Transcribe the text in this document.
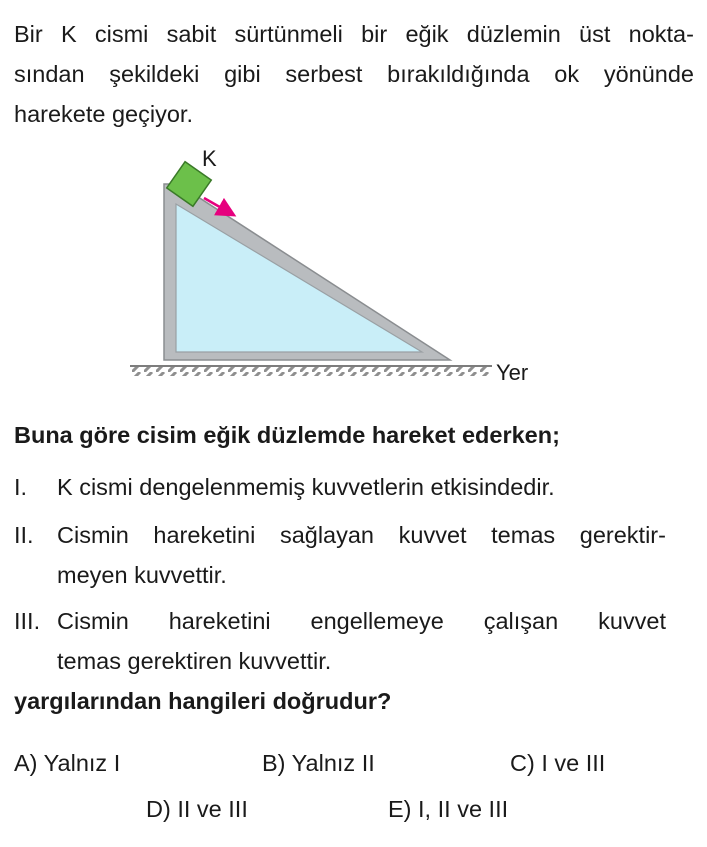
Bir K cismi sabit sürtünmeli bir eğik düzlemin üst nokta-
sından şekildeki gibi serbest bırakıldığında ok yönünde
harekete geçiyor.
K
Yer
Buna göre cisim eğik düzlemde hareket ederken;
I. K cismi dengelenmemiş kuvvetlerin etkisindedir.
II. Cismin hareketini sağlayan kuvvet temas gerektir-
meyen kuvvettir.
III. Cismin hareketini engellemeye çalışan kuvvet
temas gerektiren kuvvettir.
yargılarından hangileri doğrudur?
A) Yalnız I	B) Yalnız II	C) I ve III
D) II ve III	E) I, II ve III
